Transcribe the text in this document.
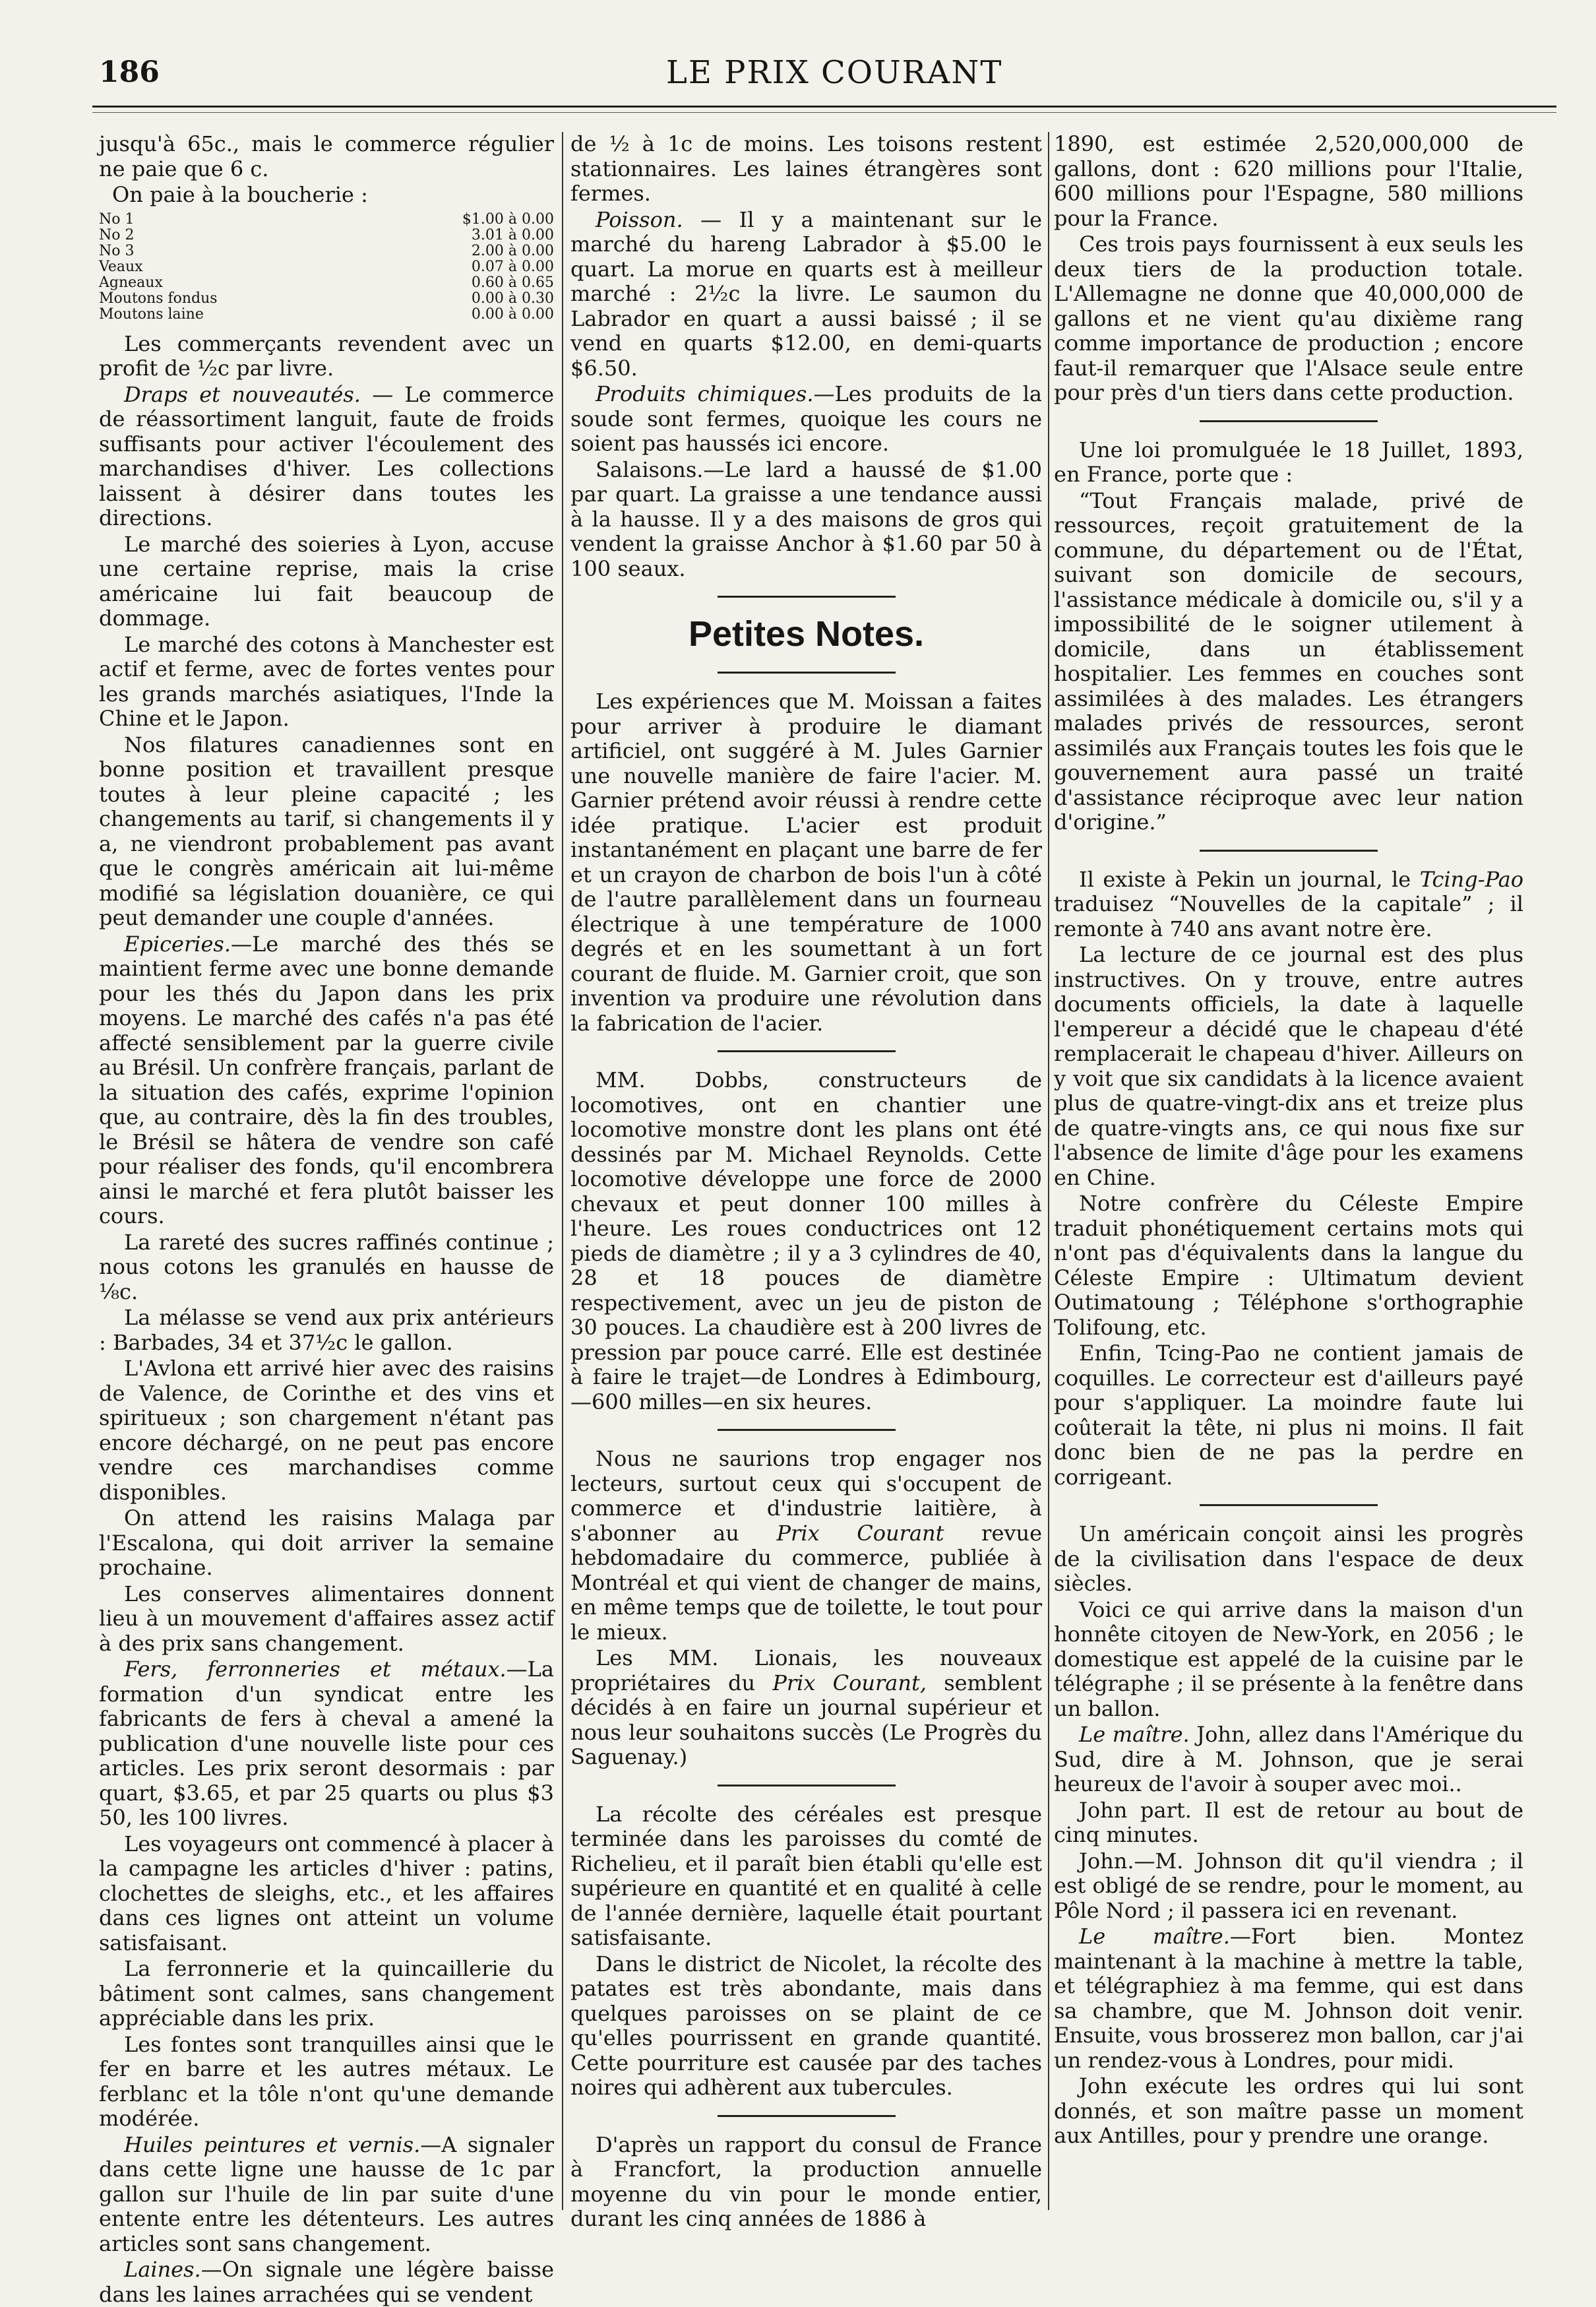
186	LE PRIX COURANT

jusqu'à 65c., mais le commerce régulier ne paie que 6 c.

On paie à la boucherie :

No 1	$1.00 à 0.00
No 2	3.01 à 0.00
No 3	2.00 à 0.00
Veaux	0.07 à 0.00
Agneaux	0.60 à 0.65
Moutons fondus	0.00 à 0.30
Moutons laine	0.00 à 0.00

Les commerçants revendent avec un profit de ½c par livre.

Draps et nouveautés. — Le commerce de réassortiment languit, faute de froids suffisants pour activer l'écoulement des marchandises d'hiver. Les collections laissent à désirer dans toutes les directions.

Le marché des soieries à Lyon, accuse une certaine reprise, mais la crise américaine lui fait beaucoup de dommage.

Le marché des cotons à Manchester est actif et ferme, avec de fortes ventes pour les grands marchés asiatiques, l'Inde la Chine et le Japon.

Nos filatures canadiennes sont en bonne position et travaillent presque toutes à leur pleine capacité ; les changements au tarif, si changements il y a, ne viendront probablement pas avant que le congrès américain ait lui-même modifié sa législation douanière, ce qui peut demander une couple d'années.

Epiceries.—Le marché des thés se maintient ferme avec une bonne demande pour les thés du Japon dans les prix moyens. Le marché des cafés n'a pas été affecté sensiblement par la guerre civile au Brésil. Un confrère français, parlant de la situation des cafés, exprime l'opinion que, au contraire, dès la fin des troubles, le Brésil se hâtera de vendre son café pour réaliser des fonds, qu'il encombrera ainsi le marché et fera plutôt baisser les cours.

La rareté des sucres raffinés continue ; nous cotons les granulés en hausse de ⅛c.

La mélasse se vend aux prix antérieurs : Barbades, 34 et 37½c le gallon.

L'Avlona ett arrivé hier avec des raisins de Valence, de Corinthe et des vins et spiritueux ; son chargement n'étant pas encore déchargé, on ne peut pas encore vendre ces marchandises comme disponibles.

On attend les raisins Malaga par l'Escalona, qui doit arriver la semaine prochaine.

Les conserves alimentaires donnent lieu à un mouvement d'affaires assez actif à des prix sans changement.

Fers, ferronneries et métaux.—La formation d'un syndicat entre les fabricants de fers à cheval a amené la publication d'une nouvelle liste pour ces articles. Les prix seront desormais : par quart, $3.65, et par 25 quarts ou plus $3 50, les 100 livres.

Les voyageurs ont commencé à placer à la campagne les articles d'hiver : patins, clochettes de sleighs, etc., et les affaires dans ces lignes ont atteint un volume satisfaisant.

La ferronnerie et la quincaillerie du bâtiment sont calmes, sans changement appréciable dans les prix.

Les fontes sont tranquilles ainsi que le fer en barre et les autres métaux. Le ferblanc et la tôle n'ont qu'une demande modérée.

Huiles peintures et vernis.—A signaler dans cette ligne une hausse de 1c par gallon sur l'huile de lin par suite d'une entente entre les détenteurs. Les autres articles sont sans changement.

Laines.—On signale une légère baisse dans les laines arrachées qui se vendent

de ½ à 1c de moins. Les toisons restent stationnaires. Les laines étrangères sont fermes.

Poisson. — Il y a maintenant sur le marché du hareng Labrador à $5.00 le quart. La morue en quarts est à meilleur marché : 2½c la livre. Le saumon du Labrador en quart a aussi baissé ; il se vend en quarts $12.00, en demi-quarts $6.50.

Produits chimiques.—Les produits de la soude sont fermes, quoique les cours ne soient pas haussés ici encore.

Salaisons.—Le lard a haussé de $1.00 par quart. La graisse a une tendance aussi à la hausse. Il y a des maisons de gros qui vendent la graisse Anchor à $1.60 par 50 à 100 seaux.

Petites Notes.

Les expériences que M. Moissan a faites pour arriver à produire le diamant artificiel, ont suggéré à M. Jules Garnier une nouvelle manière de faire l'acier. M. Garnier prétend avoir réussi à rendre cette idée pratique. L'acier est produit instantanément en plaçant une barre de fer et un crayon de charbon de bois l'un à côté de l'autre parallèlement dans un fourneau électrique à une température de 1000 degrés et en les soumettant à un fort courant de fluide. M. Garnier croit, que son invention va produire une révolution dans la fabrication de l'acier.

MM. Dobbs, constructeurs de locomotives, ont en chantier une locomotive monstre dont les plans ont été dessinés par M. Michael Reynolds. Cette locomotive développe une force de 2000 chevaux et peut donner 100 milles à l'heure. Les roues conductrices ont 12 pieds de diamètre ; il y a 3 cylindres de 40, 28 et 18 pouces de diamètre respectivement, avec un jeu de piston de 30 pouces. La chaudière est à 200 livres de pression par pouce carré. Elle est destinée à faire le trajet—de Londres à Edimbourg,—600 milles—en six heures.

Nous ne saurions trop engager nos lecteurs, surtout ceux qui s'occupent de commerce et d'industrie laitière, à s'abonner au Prix Courant revue hebdomadaire du commerce, publiée à Montréal et qui vient de changer de mains, en même temps que de toilette, le tout pour le mieux.

Les MM. Lionais, les nouveaux propriétaires du Prix Courant, semblent décidés à en faire un journal supérieur et nous leur souhaitons succès (Le Progrès du Saguenay.)

La récolte des céréales est presque terminée dans les paroisses du comté de Richelieu, et il paraît bien établi qu'elle est supérieure en quantité et en qualité à celle de l'année dernière, laquelle était pourtant satisfaisante.

Dans le district de Nicolet, la récolte des patates est très abondante, mais dans quelques paroisses on se plaint de ce qu'elles pourrissent en grande quantité. Cette pourriture est causée par des taches noires qui adhèrent aux tubercules.

D'après un rapport du consul de France à Francfort, la production annuelle moyenne du vin pour le monde entier, durant les cinq années de 1886 à

1890, est estimée 2,520,000,000 de gallons, dont : 620 millions pour l'Italie, 600 millions pour l'Espagne, 580 millions pour la France.

Ces trois pays fournissent à eux seuls les deux tiers de la production totale. L'Allemagne ne donne que 40,000,000 de gallons et ne vient qu'au dixième rang comme importance de production ; encore faut-il remarquer que l'Alsace seule entre pour près d'un tiers dans cette production.

Une loi promulguée le 18 Juillet, 1893, en France, porte que :

“Tout Français malade, privé de ressources, reçoit gratuitement de la commune, du département ou de l'État, suivant son domicile de secours, l'assistance médicale à domicile ou, s'il y a impossibilité de le soigner utilement à domicile, dans un établissement hospitalier. Les femmes en couches sont assimilées à des malades. Les étrangers malades privés de ressources, seront assimilés aux Français toutes les fois que le gouvernement aura passé un traité d'assistance réciproque avec leur nation d'origine.”

Il existe à Pekin un journal, le Tcing-Pao traduisez “Nouvelles de la capitale” ; il remonte à 740 ans avant notre ère.

La lecture de ce journal est des plus instructives. On y trouve, entre autres documents officiels, la date à laquelle l'empereur a décidé que le chapeau d'été remplacerait le chapeau d'hiver. Ailleurs on y voit que six candidats à la licence avaient plus de quatre-vingt-dix ans et treize plus de quatre-vingts ans, ce qui nous fixe sur l'absence de limite d'âge pour les examens en Chine.

Notre confrère du Céleste Empire traduit phonétiquement certains mots qui n'ont pas d'équivalents dans la langue du Céleste Empire : Ultimatum devient Outimatoung ; Téléphone s'orthographie Tolifoung, etc.

Enfin, Tcing-Pao ne contient jamais de coquilles. Le correcteur est d'ailleurs payé pour s'appliquer. La moindre faute lui coûterait la tête, ni plus ni moins. Il fait donc bien de ne pas la perdre en corrigeant.

Un américain conçoit ainsi les progrès de la civilisation dans l'espace de deux siècles.

Voici ce qui arrive dans la maison d'un honnête citoyen de New-York, en 2056 ; le domestique est appelé de la cuisine par le télégraphe ; il se présente à la fenêtre dans un ballon.

Le maître. John, allez dans l'Amérique du Sud, dire à M. Johnson, que je serai heureux de l'avoir à souper avec moi..

John part. Il est de retour au bout de cinq minutes.

John.—M. Johnson dit qu'il viendra ; il est obligé de se rendre, pour le moment, au Pôle Nord ; il passera ici en revenant.

Le maître.—Fort bien. Montez maintenant à la machine à mettre la table, et télégraphiez à ma femme, qui est dans sa chambre, que M. Johnson doit venir. Ensuite, vous brosserez mon ballon, car j'ai un rendez-vous à Londres, pour midi.

John exécute les ordres qui lui sont donnés, et son maître passe un moment aux Antilles, pour y prendre une orange.
